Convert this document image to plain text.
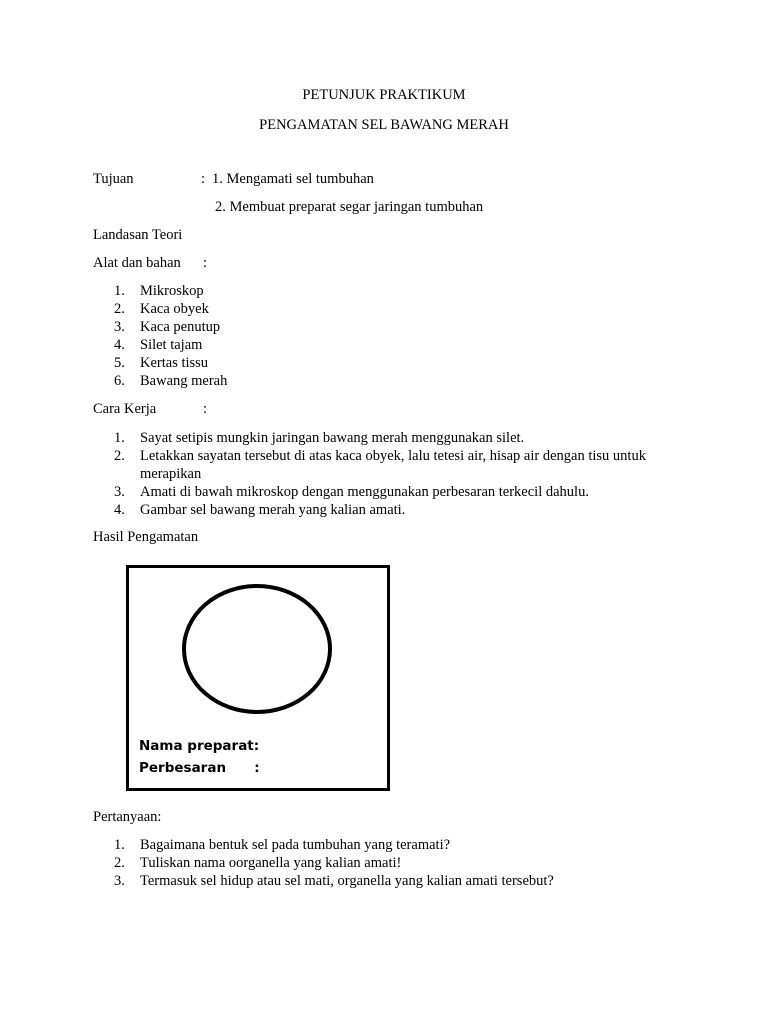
PETUNJUK PRAKTIKUM
PENGAMATAN SEL BAWANG MERAH
Tujuan	: 1. Mengamati sel tumbuhan
2. Membuat preparat segar jaringan tumbuhan
Landasan Teori
Alat dan bahan :
1. Mikroskop
2. Kaca obyek
3. Kaca penutup
4. Silet tajam
5. Kertas tissu
6. Bawang merah
Cara Kerja	:
1. Sayat setipis mungkin jaringan bawang merah menggunakan silet.
2. Letakkan sayatan tersebut di atas kaca obyek, lalu tetesi air, hisap air dengan tisu untuk merapikan
3. Amati di bawah mikroskop dengan menggunakan perbesaran terkecil dahulu.
4. Gambar sel bawang merah yang kalian amati.
Hasil Pengamatan
Nama preparat:
Perbesaran      :
Pertanyaan:
1. Bagaimana bentuk sel pada tumbuhan yang teramati?
2. Tuliskan nama oorganella yang kalian amati!
3. Termasuk sel hidup atau sel mati, organella yang kalian amati tersebut?
